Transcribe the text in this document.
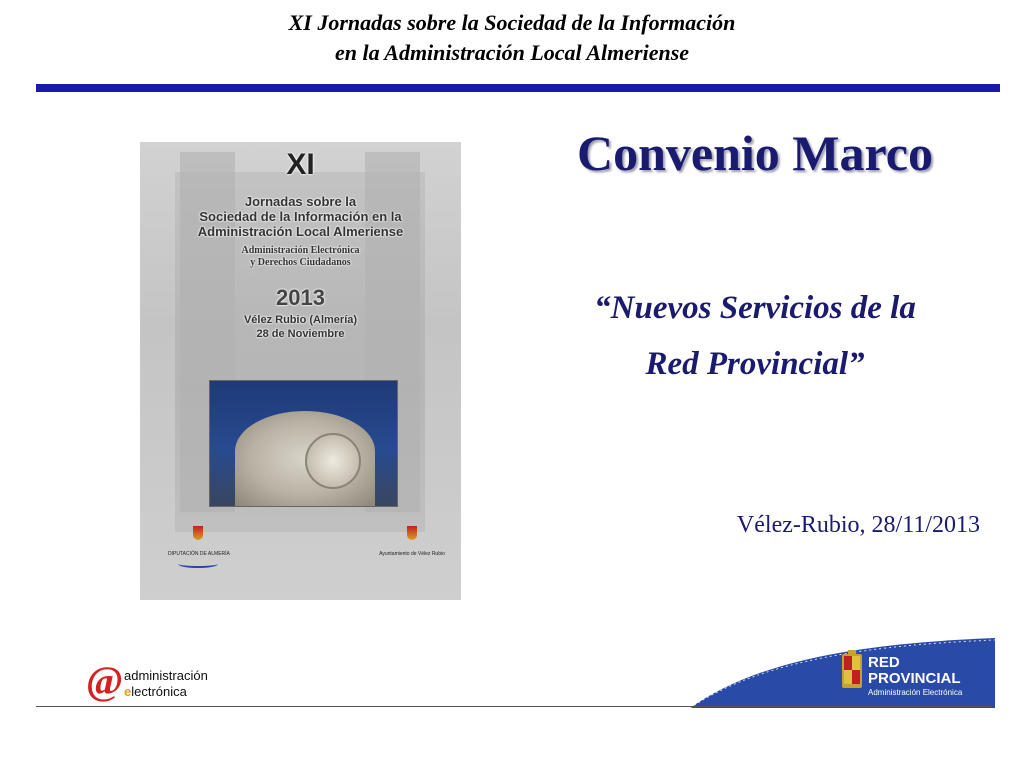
XI Jornadas sobre la Sociedad de la Información
en la Administración Local Almeriense
XI
Jornadas sobre la
Sociedad de la Información en la
Administración Local Almeriense
Administración Electrónica
y Derechos Ciudadanos
2013
Vélez Rubio (Almería)
28 de Noviembre
DIPUTACIÓN DE ALMERÍA	Ayuntamiento de Vélez Rubio
Convenio Marco
“Nuevos Servicios de la
Red Provincial”
Vélez-Rubio, 28/11/2013
@ administración
electrónica
RED
PROVINCIAL
Administración Electrónica
